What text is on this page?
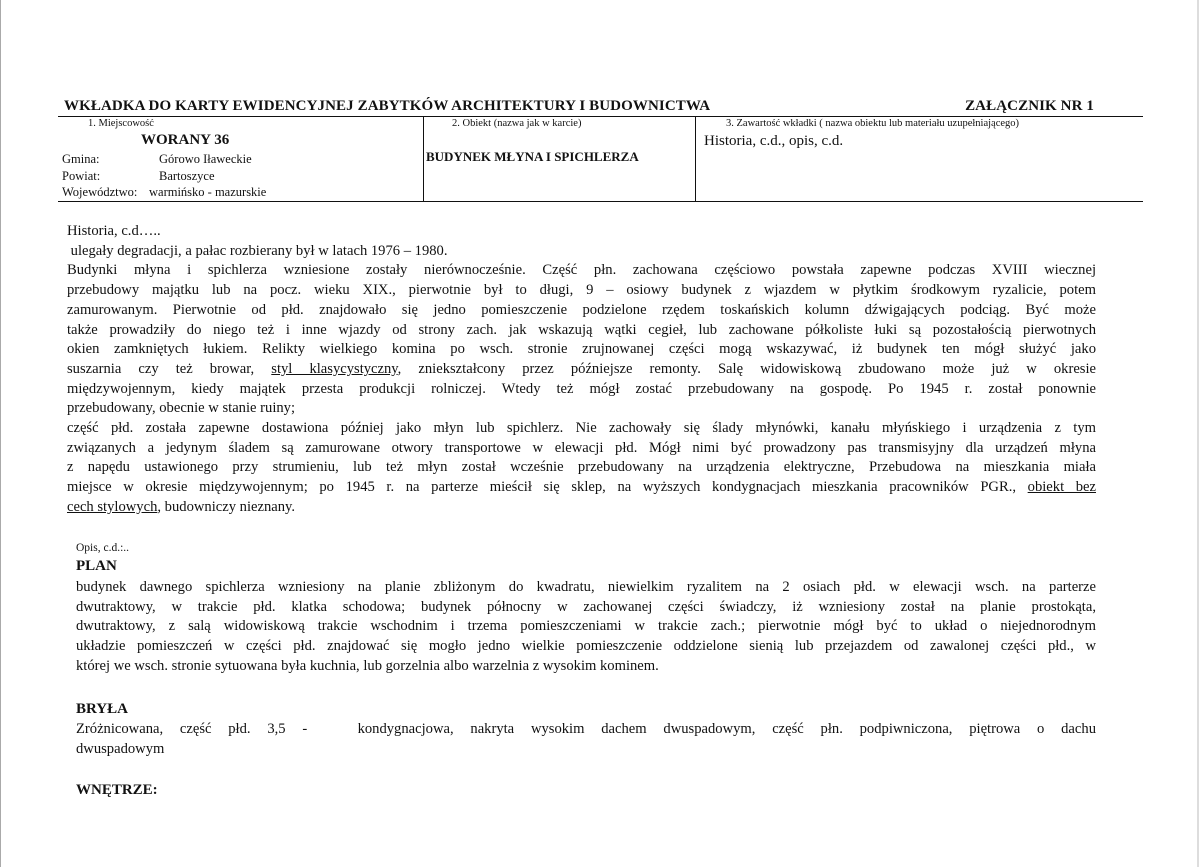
WKŁADKA DO KARTY EWIDENCYJNEJ ZABYTKÓW ARCHITEKTURY I BUDOWNICTWA	ZAŁĄCZNIK NR 1
1. Miejscowość
WORANY 36
Gmina:	Górowo Iławeckie
Powiat:	Bartoszyce
Województwo: warmińsko - mazurskie
2. Obiekt (nazwa jak w karcie)
BUDYNEK MŁYNA I SPICHLERZA
3. Zawartość wkładki ( nazwa obiektu lub materiału uzupełniającego)
Historia, c.d., opis, c.d.
Historia, c.d…..
ulegały degradacji, a pałac rozbierany był w latach 1976 – 1980.
Budynki młyna i spichlerza wzniesione zostały nierównocześnie. Część płn. zachowana częściowo powstała zapewne podczas XVIII wiecznej
przebudowy majątku lub na pocz. wieku XIX., pierwotnie był to długi, 9 – osiowy budynek z wjazdem w płytkim środkowym ryzalicie, potem
zamurowanym. Pierwotnie od płd. znajdowało się jedno pomieszczenie podzielone rzędem toskańskich kolumn dźwigających podciąg. Być może
także prowadziły do niego też i inne wjazdy od strony zach. jak wskazują wątki cegieł, lub zachowane półkoliste łuki są pozostałością pierwotnych
okien zamkniętych łukiem. Relikty wielkiego komina po wsch. stronie zrujnowanej części mogą wskazywać, iż budynek ten mógł służyć jako
suszarnia czy też browar, styl klasycystyczny, zniekształcony przez późniejsze remonty. Salę widowiskową zbudowano może już w okresie
międzywojennym, kiedy majątek przesta produkcji rolniczej. Wtedy też mógł zostać przebudowany na gospodę. Po 1945 r. został ponownie
przebudowany, obecnie w stanie ruiny;
część płd. została zapewne dostawiona później jako młyn lub spichlerz. Nie zachowały się ślady młynówki, kanału młyńskiego i urządzenia z tym
związanych a jedynym śladem są zamurowane otwory transportowe w elewacji płd. Mógł nimi być prowadzony pas transmisyjny dla urządzeń młyna
z napędu ustawionego przy strumieniu, lub też młyn został wcześnie przebudowany na urządzenia elektryczne, Przebudowa na mieszkania miała
miejsce w okresie międzywojennym; po 1945 r. na parterze mieścił się sklep, na wyższych kondygnacjach mieszkania pracowników PGR., obiekt bez
cech stylowych, budowniczy nieznany.
Opis, c.d.:..
PLAN
budynek dawnego spichlerza wzniesiony na planie zbliżonym do kwadratu, niewielkim ryzalitem na 2 osiach płd. w elewacji wsch. na parterze
dwutraktowy, w trakcie płd. klatka schodowa; budynek północny w zachowanej części świadczy, iż wzniesiony został na planie prostokąta,
dwutraktowy, z salą widowiskową trakcie wschodnim i trzema pomieszczeniami w trakcie zach.; pierwotnie mógł być to układ o niejednorodnym
układzie pomieszczeń w części płd. znajdować się mogło jedno wielkie pomieszczenie oddzielone sienią lub przejazdem od zawalonej części płd., w
której we wsch. stronie sytuowana była kuchnia, lub gorzelnia albo warzelnia z wysokim kominem.
BRYŁA
Zróżnicowana, część płd. 3,5 -   kondygnacjowa, nakryta wysokim dachem dwuspadowym, część płn. podpiwniczona, piętrowa o dachu
dwuspadowym
WNĘTRZE:
